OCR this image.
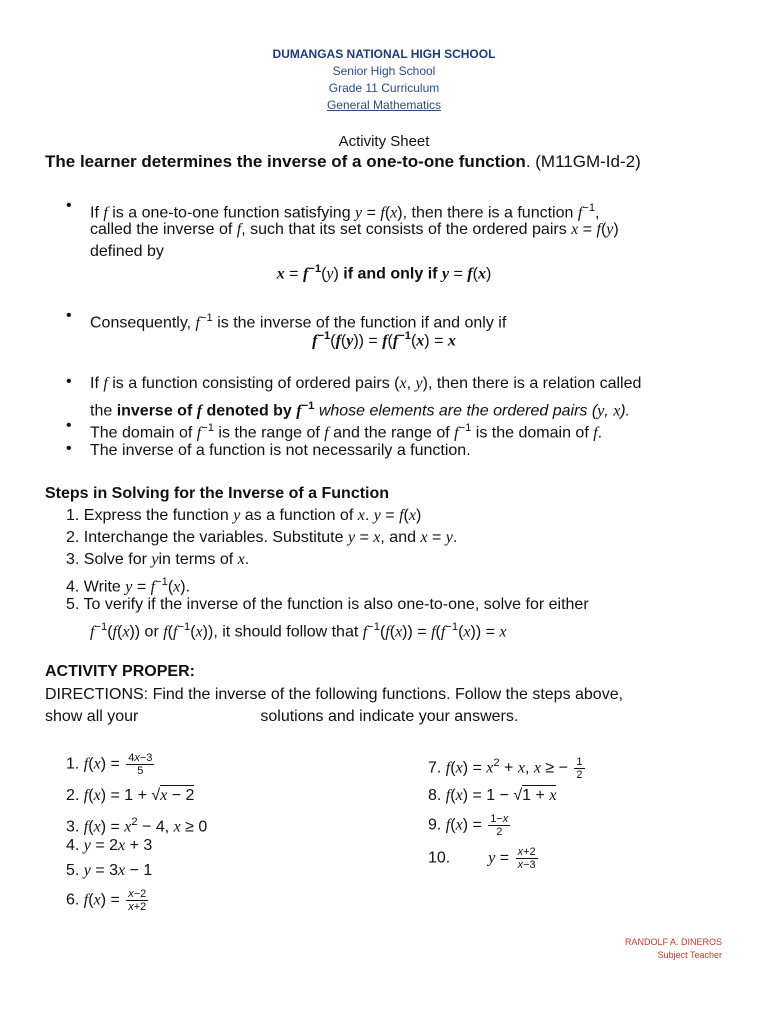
DUMANGAS NATIONAL HIGH SCHOOL
Senior High School
Grade 11 Curriculum
General Mathematics
Activity Sheet
The learner determines the inverse of a one-to-one function. (M11GM-Id-2)
• If f is a one-to-one function satisfying y = f(x), then there is a function $f^{-1}$,
called the inverse of f, such that its set consists of the ordered pairs x = f(y)
defined by
$x = f^{-1}(y)$ if and only if y = f(x)
• Consequently, $f^{-1}$ is the inverse of the function if and only if
$f^{-1}(f(y)) = f(f^{-1}(x) = x$
• If f is a function consisting of ordered pairs (x, y), then there is a relation called
the inverse of f denoted by $f^{-1}$ whose elements are the ordered pairs (y, x).
• The domain of $f^{-1}$ is the range of f and the range of $f^{-1}$ is the domain of f.
• The inverse of a function is not necessarily a function.
Steps in Solving for the Inverse of a Function
1. Express the function y as a function of x. y = f(x)
2. Interchange the variables. Substitute y = x, and x = y.
3. Solve for yin terms of x.
4. Write $y = f^{-1}(x)$.
5. To verify if the inverse of the function is also one-to-one, solve for either
$f^{-1}(f(x))$ or $f(f^{-1}(x))$, it should follow that $f^{-1}(f(x)) = f(f^{-1}(x)) = x$
ACTIVITY PROPER:
DIRECTIONS: Find the inverse of the following functions. Follow the steps above,
show all your	solutions and indicate your answers.
1. $f(x) = \frac{4x-3}{5}$
2. f(x) = 1 + √x − 2
3. $f(x) = x^2 - 4$, x ≥ 0
4. y = 2x + 3
5. y = 3x − 1
6. $f(x) = \frac{x-2}{x+2}$
7. $f(x) = x^2 + x$, x ≥ − $\frac{1}{2}$
8. f(x) = 1 − √1 + x
9. $f(x) = \frac{1-x}{2}$
10. $y = \frac{x+2}{x-3}$
RANDOLF A. DINEROS
Subject Teacher
